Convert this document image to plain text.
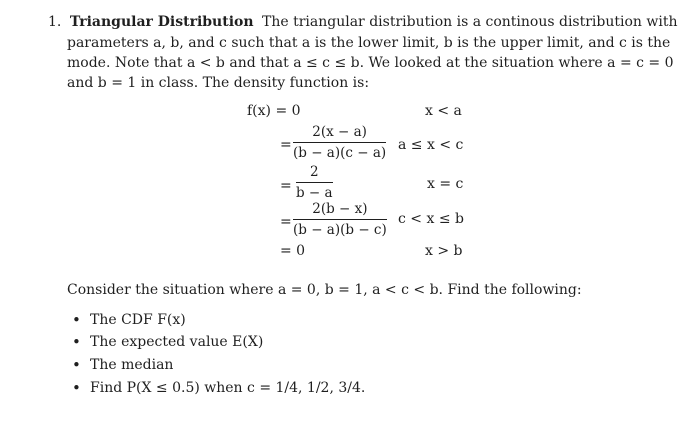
1. Triangular Distribution The triangular distribution is a continous distribution with
parameters a, b, and c such that a is the lower limit, b is the upper limit, and c is the
mode. Note that a < b and that a ≤ c ≤ b. We looked at the situation where a = c = 0
and b = 1 in class. The density function is:
f(x) = 0	x < a
= $\frac{2(x - a)}{(b - a)(c - a)}$ a ≤ x < c
= $\frac{2}{b - a}$	x = c
= $\frac{2(b - x)}{(b - a)(b - c)}$ c < x ≤ b
= 0	x > b
Consider the situation where a = 0, b = 1, a < c < b. Find the following:
• The CDF F(x)
• The expected value E(X)
• The median
• Find P(X ≤ 0.5) when c = 1/4, 1/2, 3/4.
